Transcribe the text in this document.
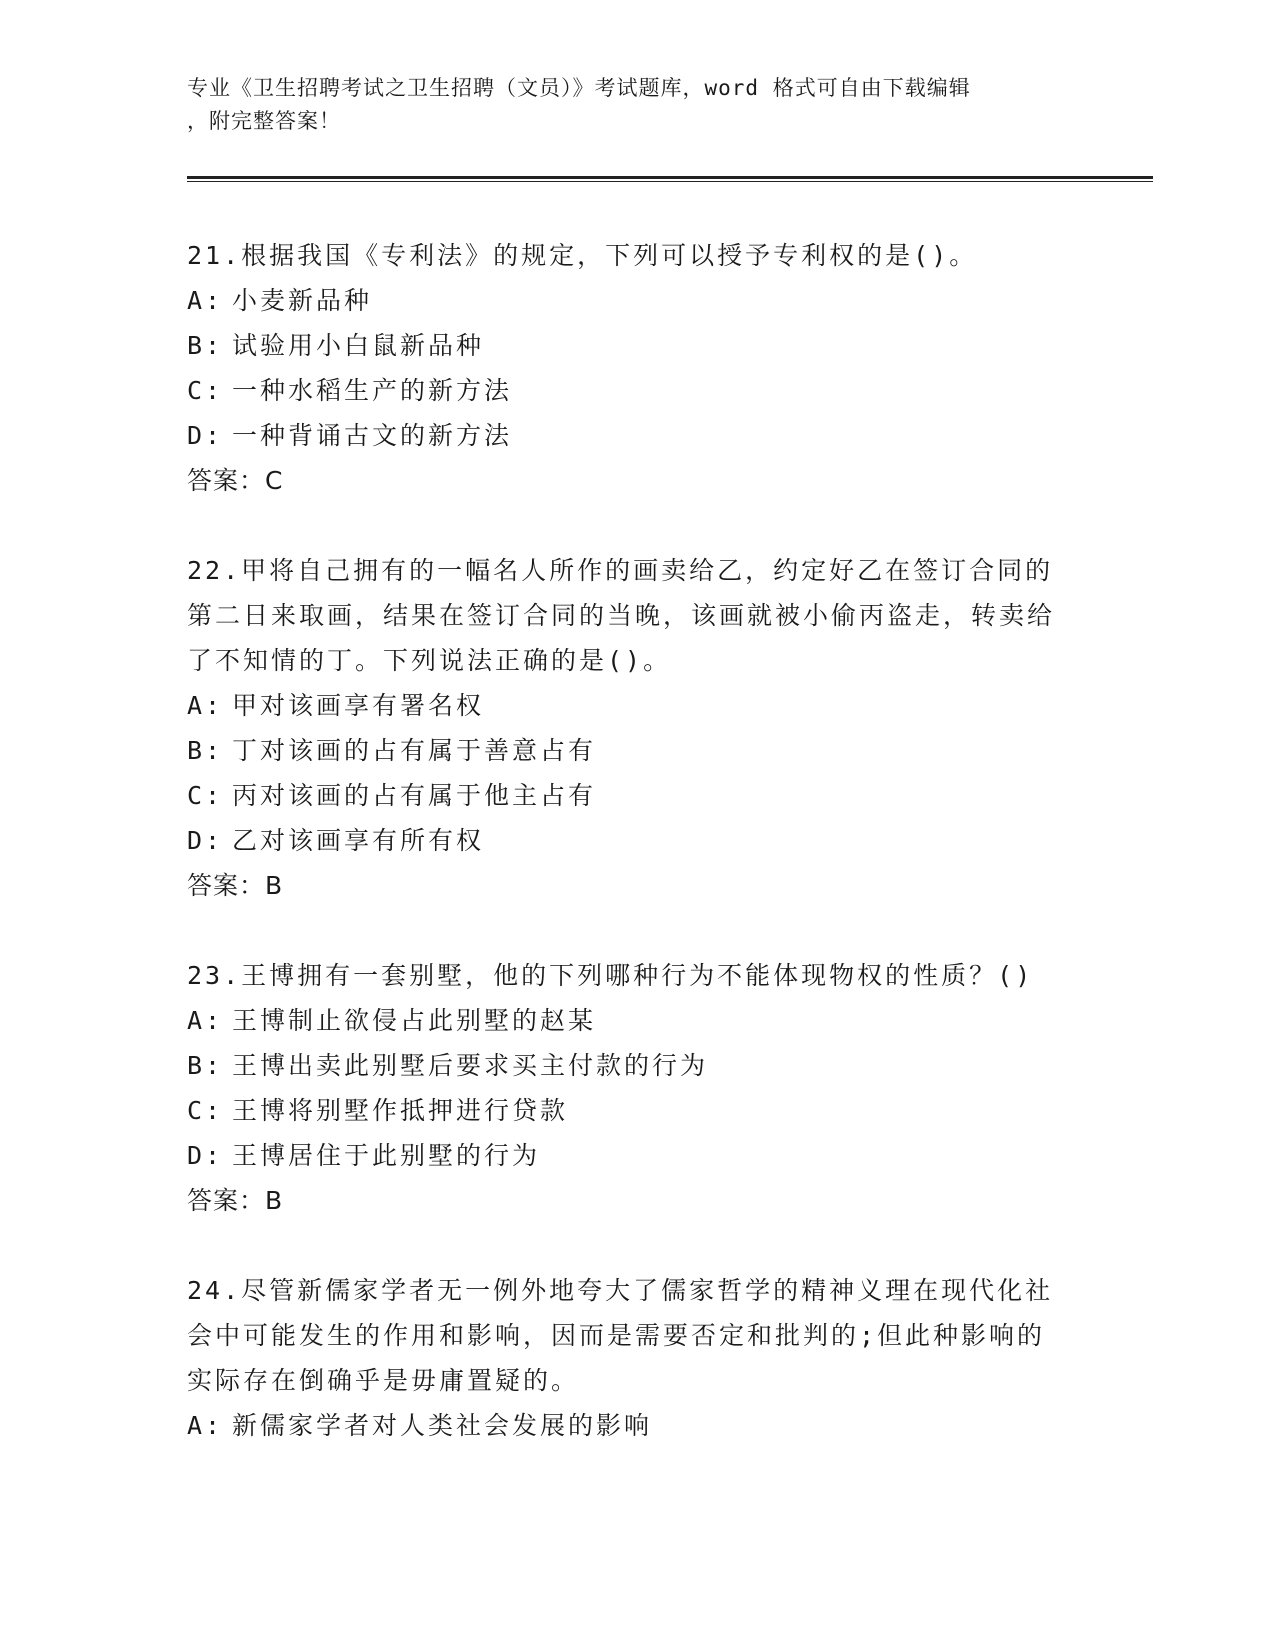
专业《卫生招聘考试之卫生招聘（文员）》考试题库，word 格式可自由下载编辑
，附完整答案！

21.根据我国《专利法》的规定，下列可以授予专利权的是()。

A: 小麦新品种

B: 试验用小白鼠新品种

C: 一种水稻生产的新方法

D: 一种背诵古文的新方法

答案：C

22.甲将自己拥有的一幅名人所作的画卖给乙，约定好乙在签订合同的第二日来取画，结果在签订合同的当晚，该画就被小偷丙盗走，转卖给了不知情的丁。下列说法正确的是()。

A: 甲对该画享有署名权

B: 丁对该画的占有属于善意占有

C: 丙对该画的占有属于他主占有

D: 乙对该画享有所有权

答案：B

23.王博拥有一套别墅，他的下列哪种行为不能体现物权的性质？()

A: 王博制止欲侵占此别墅的赵某

B: 王博出卖此别墅后要求买主付款的行为

C: 王博将别墅作抵押进行贷款

D: 王博居住于此别墅的行为

答案：B

24.尽管新儒家学者无一例外地夸大了儒家哲学的精神义理在现代化社会中可能发生的作用和影响，因而是需要否定和批判的;但此种影响的实际存在倒确乎是毋庸置疑的。

A: 新儒家学者对人类社会发展的影响
